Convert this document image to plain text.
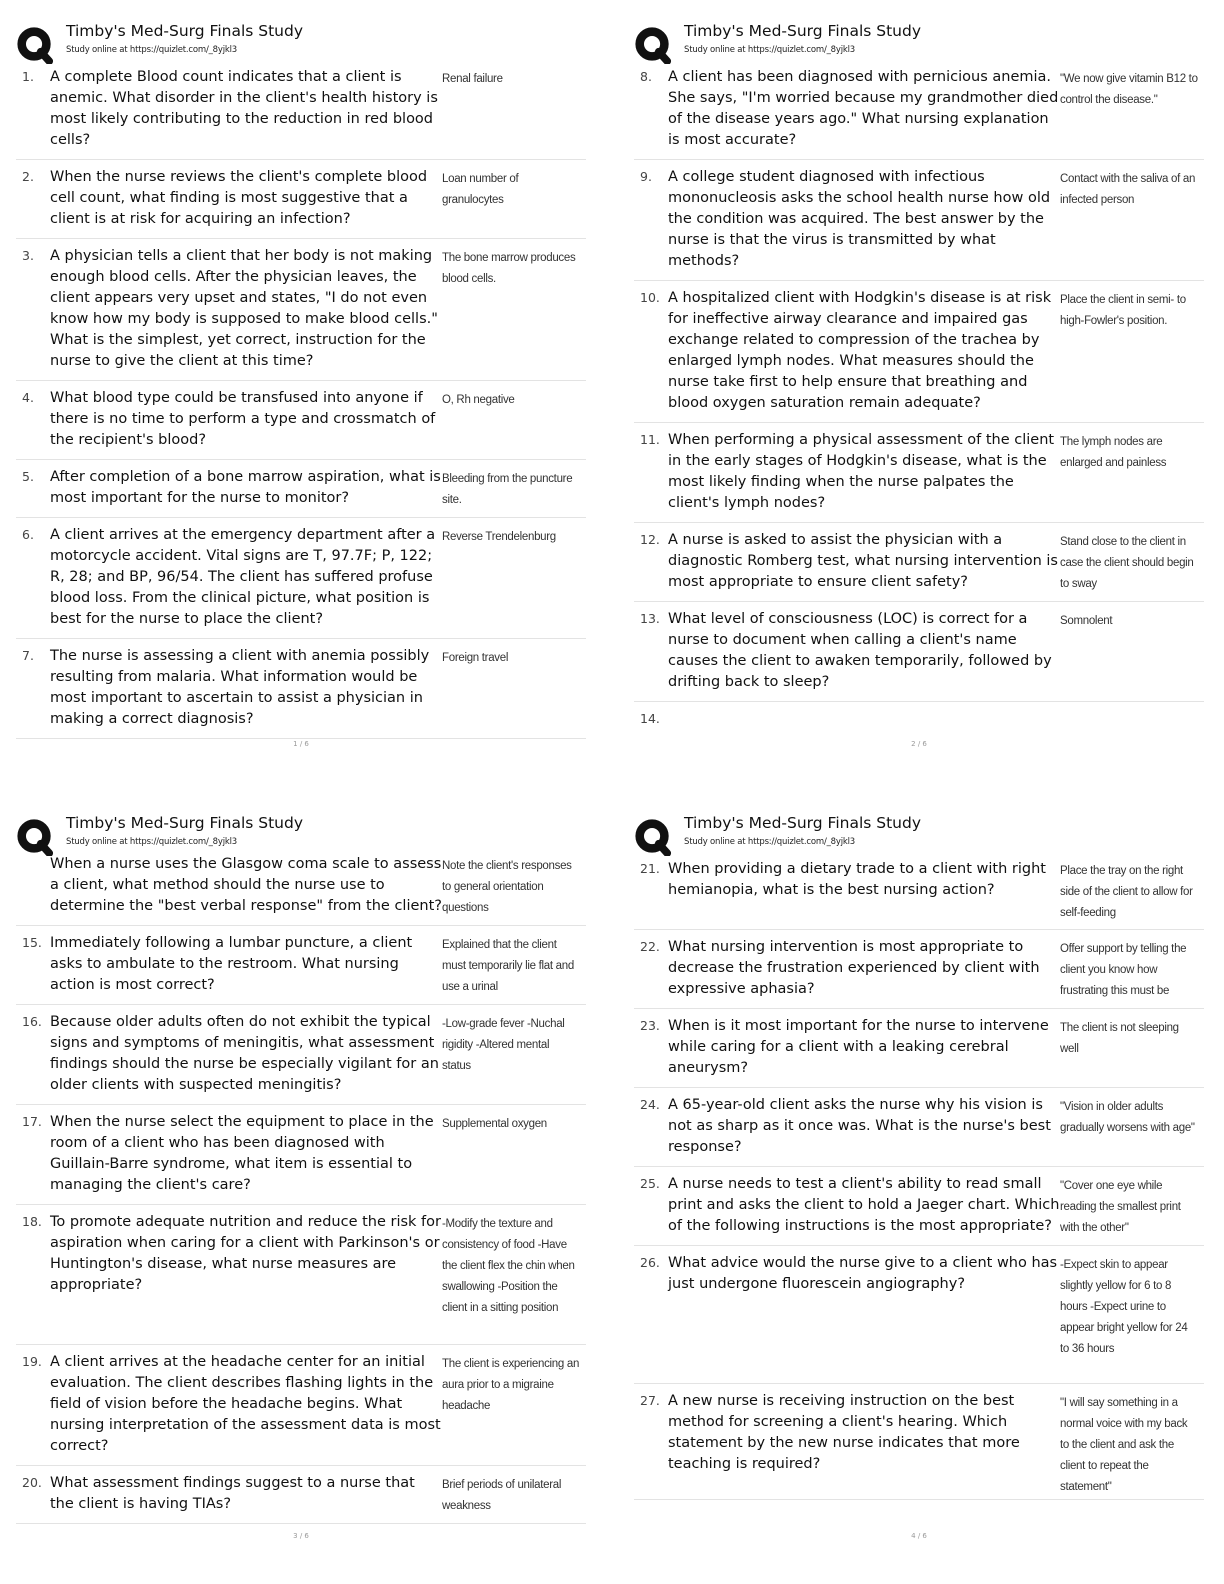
Timby's Med-Surg Finals Study
Study online at https://quizlet.com/_8yjkl3
1. A complete Blood count indicates that a client is anemic. What disorder in the client's health history is most likely contributing to the reduction in red blood cells?
Renal failure
2. When the nurse reviews the client's complete blood cell count, what finding is most suggestive that a client is at risk for acquiring an infection?
Loan number of granulocytes
3. A physician tells a client that her body is not making enough blood cells. After the physician leaves, the client appears very upset and states, "I do not even know how my body is supposed to make blood cells." What is the simplest, yet correct, instruction for the nurse to give the client at this time?
The bone marrow produces blood cells.
4. What blood type could be transfused into anyone if there is no time to perform a type and crossmatch of the recipient's blood?
O, Rh negative
5. After completion of a bone marrow aspiration, what is most important for the nurse to monitor?
Bleeding from the puncture site.
6. A client arrives at the emergency department after a motorcycle accident. Vital signs are T, 97.7F; P, 122; R, 28; and BP, 96/54. The client has suffered profuse blood loss. From the clinical picture, what position is best for the nurse to place the client?
Reverse Trendelenburg
7. The nurse is assessing a client with anemia possibly resulting from malaria. What information would be most important to ascertain to assist a physician in making a correct diagnosis?
Foreign travel
1 / 6
Timby's Med-Surg Finals Study
Study online at https://quizlet.com/_8yjkl3
8. A client has been diagnosed with pernicious anemia. She says, "I'm worried because my grandmother died of the disease years ago." What nursing explanation is most accurate?
"We now give vitamin B12 to control the disease."
9. A college student diagnosed with infectious mononucleosis asks the school health nurse how old the condition was acquired. The best answer by the nurse is that the virus is transmitted by what methods?
Contact with the saliva of an infected person
10. A hospitalized client with Hodgkin's disease is at risk for ineffective airway clearance and impaired gas exchange related to compression of the trachea by enlarged lymph nodes. What measures should the nurse take first to help ensure that breathing and blood oxygen saturation remain adequate?
Place the client in semi- to high-Fowler's position.
11. When performing a physical assessment of the client in the early stages of Hodgkin's disease, what is the most likely finding when the nurse palpates the client's lymph nodes?
The lymph nodes are enlarged and painless
12. A nurse is asked to assist the physician with a diagnostic Romberg test, what nursing intervention is most appropriate to ensure client safety?
Stand close to the client in case the client should begin to sway
13. What level of consciousness (LOC) is correct for a nurse to document when calling a client's name causes the client to awaken temporarily, followed by drifting back to sleep?
Somnolent
14.
2 / 6
Timby's Med-Surg Finals Study
Study online at https://quizlet.com/_8yjkl3
When a nurse uses the Glasgow coma scale to assess a client, what method should the nurse use to determine the "best verbal response" from the client?
Note the client's responses to general orientation questions
15. Immediately following a lumbar puncture, a client asks to ambulate to the restroom. What nursing action is most correct?
Explained that the client must temporarily lie flat and use a urinal
16. Because older adults often do not exhibit the typical signs and symptoms of meningitis, what assessment findings should the nurse be especially vigilant for an older clients with suspected meningitis?
-Low-grade fever -Nuchal rigidity -Altered mental status
17. When the nurse select the equipment to place in the room of a client who has been diagnosed with Guillain-Barre syndrome, what item is essential to managing the client's care?
Supplemental oxygen
18. To promote adequate nutrition and reduce the risk for aspiration when caring for a client with Parkinson's or Huntington's disease, what nurse measures are appropriate?
-Modify the texture and consistency of food -Have the client flex the chin when swallowing -Position the client in a sitting position
19. A client arrives at the headache center for an initial evaluation. The client describes flashing lights in the field of vision before the headache begins. What nursing interpretation of the assessment data is most correct?
The client is experiencing an aura prior to a migraine headache
20. What assessment findings suggest to a nurse that the client is having TIAs?
Brief periods of unilateral weakness
3 / 6
Timby's Med-Surg Finals Study
Study online at https://quizlet.com/_8yjkl3
21. When providing a dietary trade to a client with right hemianopia, what is the best nursing action?
Place the tray on the right side of the client to allow for self-feeding
22. What nursing intervention is most appropriate to decrease the frustration experienced by client with expressive aphasia?
Offer support by telling the client you know how frustrating this must be
23. When is it most important for the nurse to intervene while caring for a client with a leaking cerebral aneurysm?
The client is not sleeping well
24. A 65-year-old client asks the nurse why his vision is not as sharp as it once was. What is the nurse's best response?
"Vision in older adults gradually worsens with age"
25. A nurse needs to test a client's ability to read small print and asks the client to hold a Jaeger chart. Which of the following instructions is the most appropriate?
"Cover one eye while reading the smallest print with the other"
26. What advice would the nurse give to a client who has just undergone fluorescein angiography?
-Expect skin to appear slightly yellow for 6 to 8 hours -Expect urine to appear bright yellow for 24 to 36 hours
27. A new nurse is receiving instruction on the best method for screening a client's hearing. Which statement by the new nurse indicates that more teaching is required?
"I will say something in a normal voice with my back to the client and ask the client to repeat the statement"
4 / 6
